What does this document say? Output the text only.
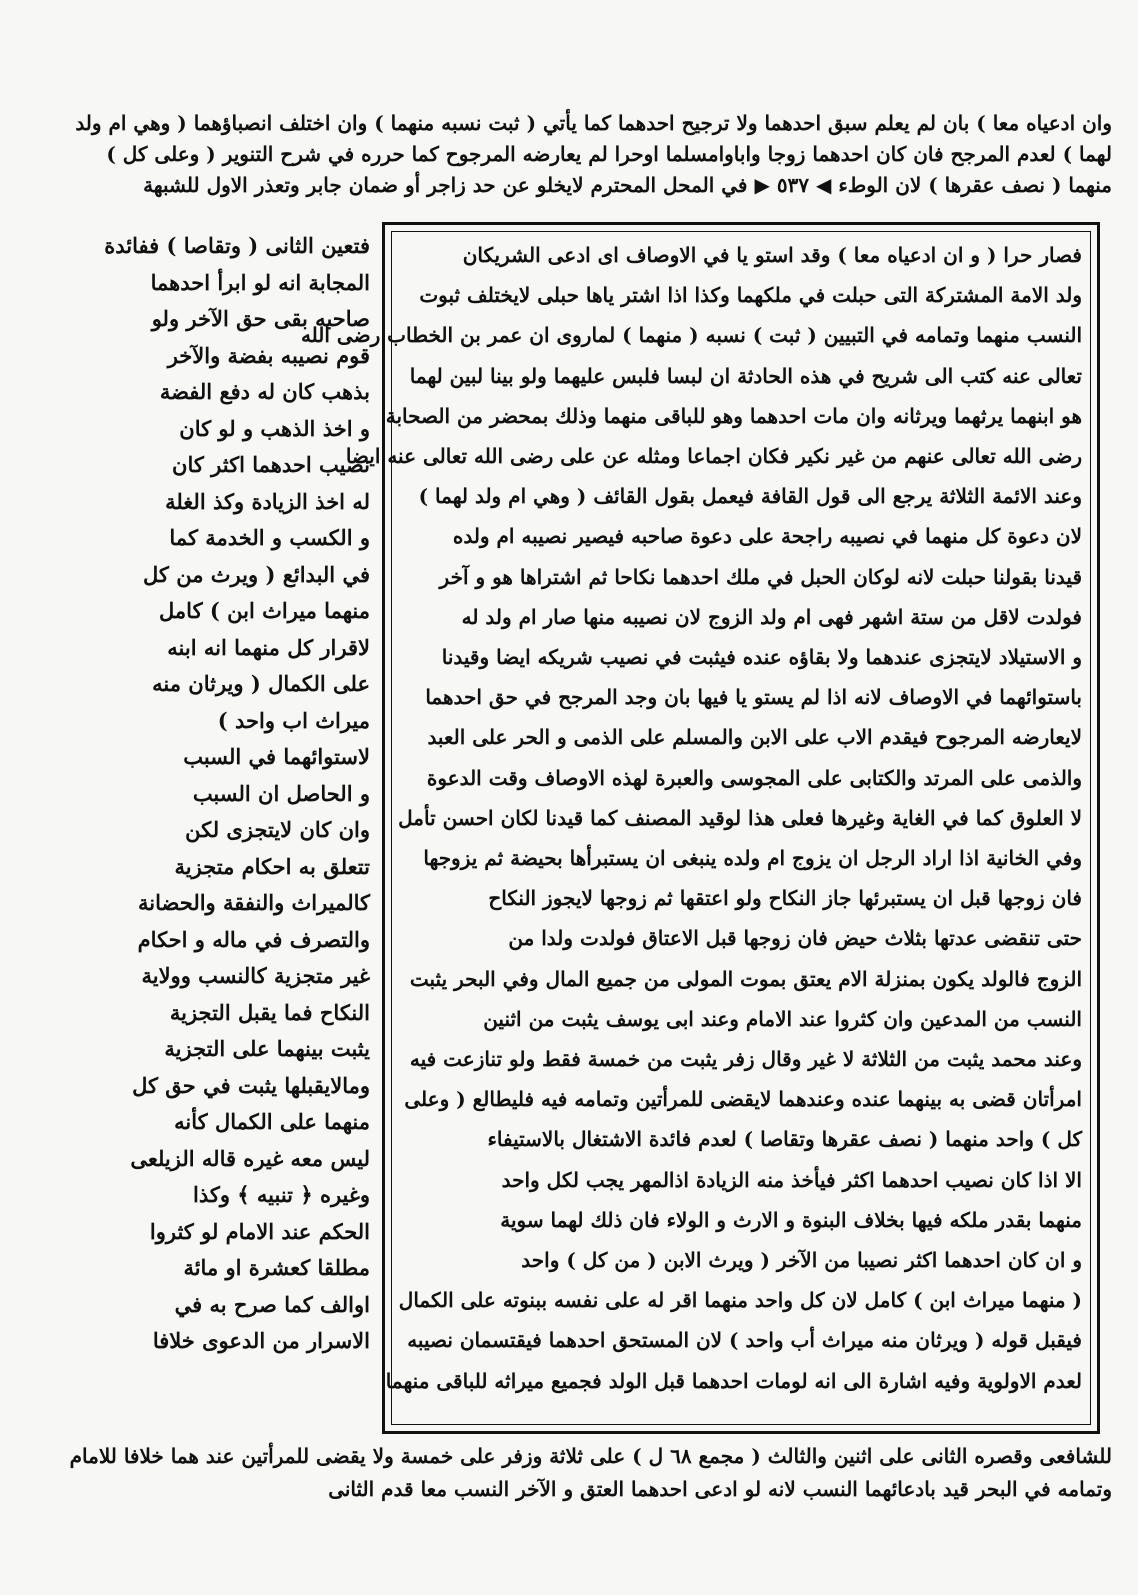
وان ادعياه معا ) بان لم يعلم سبق احدهما ولا ترجيح احدهما كما يأتي ( ثبت نسبه منهما ) وان اختلف انصباؤهما ( وهي ام ولد
لهما ) لعدم المرجح فان كان احدهما زوجا واباوامسلما اوحرا لم يعارضه المرجوح كما حرره في شرح التنوير ( وعلى كل )
منهما ( نصف عقرها ) لان الوطء ◀ ٥٣٧ ▶ في المحل المحترم لايخلو عن حد زاجر أو ضمان جابر وتعذر الاول للشبهة
فصار حرا ( و ان ادعياه معا ) وقد استو يا في الاوصاف اى ادعى الشريكان
ولد الامة المشتركة التى حبلت في ملكهما وكذا اذا اشتر ياها حبلى لايختلف ثبوت
النسب منهما وتمامه في التبيين ( ثبت ) نسبه ( منهما ) لماروى ان عمر بن الخطاب رضى الله
تعالى عنه كتب الى شريح في هذه الحادثة ان لبسا فلبس عليهما ولو بينا لبين لهما
هو ابنهما يرثهما ويرثانه وان مات احدهما وهو للباقى منهما وذلك بمحضر من الصحابة
رضى الله تعالى عنهم من غير نكير فكان اجماعا ومثله عن على رضى الله تعالى عنه ايضا
وعند الائمة الثلاثة يرجع الى قول القافة فيعمل بقول القائف ( وهي ام ولد لهما )
لان دعوة كل منهما في نصيبه راجحة على دعوة صاحبه فيصير نصيبه ام ولده
قيدنا بقولنا حبلت لانه لوكان الحبل في ملك احدهما نكاحا ثم اشتراها هو و آخر
فولدت لاقل من ستة اشهر فهى ام ولد الزوج لان نصيبه منها صار ام ولد له
و الاستيلاد لايتجزى عندهما ولا بقاؤه عنده فيثبت في نصيب شريكه ايضا وقيدنا
باستوائهما في الاوصاف لانه اذا لم يستو يا فيها بان وجد المرجح في حق احدهما
لايعارضه المرجوح فيقدم الاب على الابن والمسلم على الذمى و الحر على العبد
والذمى على المرتد والكتابى على المجوسى والعبرة لهذه الاوصاف وقت الدعوة
لا العلوق كما في الغاية وغيرها فعلى هذا لوقيد المصنف كما قيدنا لكان احسن تأمل
وفي الخانية اذا اراد الرجل ان يزوج ام ولده ينبغى ان يستبرأها بحيضة ثم يزوجها
فان زوجها قبل ان يستبرئها جاز النكاح ولو اعتقها ثم زوجها لايجوز النكاح
حتى تنقضى عدتها بثلاث حيض فان زوجها قبل الاعتاق فولدت ولدا من
الزوج فالولد يكون بمنزلة الام يعتق بموت المولى من جميع المال وفي البحر يثبت
النسب من المدعين وان كثروا عند الامام وعند ابى يوسف يثبت من اثنين
وعند محمد يثبت من الثلاثة لا غير وقال زفر يثبت من خمسة فقط ولو تنازعت فيه
امرأتان قضى به بينهما عنده وعندهما لايقضى للمرأتين وتمامه فيه فليطالع ( وعلى
كل ) واحد منهما ( نصف عقرها وتقاصا ) لعدم فائدة الاشتغال بالاستيفاء
الا اذا كان نصيب احدهما اكثر فيأخذ منه الزيادة اذالمهر يجب لكل واحد
منهما بقدر ملكه فيها بخلاف البنوة و الارث و الولاء فان ذلك لهما سوية
و ان كان احدهما اكثر نصيبا من الآخر ( ويرث الابن ( من كل ) واحد
( منهما ميراث ابن ) كامل لان كل واحد منهما اقر له على نفسه ببنوته على الكمال
فيقبل قوله ( ويرثان منه ميراث أب واحد ) لان المستحق احدهما فيقتسمان نصيبه
لعدم الاولوية وفيه اشارة الى انه لومات احدهما قبل الولد فجميع ميراثه للباقى منهما
فتعين الثانى ( وتقاصا ) ففائدة
المجابة انه لو ابرأ احدهما
صاحبه بقى حق الآخر ولو
قوم نصيبه بفضة والآخر
بذهب كان له دفع الفضة
و اخذ الذهب و لو كان
نصيب احدهما اكثر كان
له اخذ الزيادة وكذ الغلة
و الكسب و الخدمة كما
في البدائع ( ويرث من كل
منهما ميراث ابن ) كامل
لاقرار كل منهما انه ابنه
على الكمال ( ويرثان منه
ميراث اب واحد )
لاستوائهما في السبب
و الحاصل ان السبب
وان كان لايتجزى لكن
تتعلق به احكام متجزية
كالميراث والنفقة والحضانة
والتصرف في ماله و احكام
غير متجزية كالنسب وولاية
النكاح فما يقبل التجزية
يثبت بينهما على التجزية
ومالايقبلها يثبت في حق كل
منهما على الكمال كأنه
ليس معه غيره قاله الزيلعى
وغيره ﴿ تنبيه ﴾ وكذا
الحكم عند الامام لو كثروا
مطلقا كعشرة او مائة
اوالف كما صرح به في
الاسرار من الدعوى خلافا
للشافعى وقصره الثانى على اثنين والثالث ( مجمع ٦٨ ل ) على ثلاثة وزفر على خمسة ولا يقضى للمرأتين عند هما خلافا للامام
وتمامه في البحر قيد بادعائهما النسب لانه لو ادعى احدهما العتق و الآخر النسب معا قدم الثانى
